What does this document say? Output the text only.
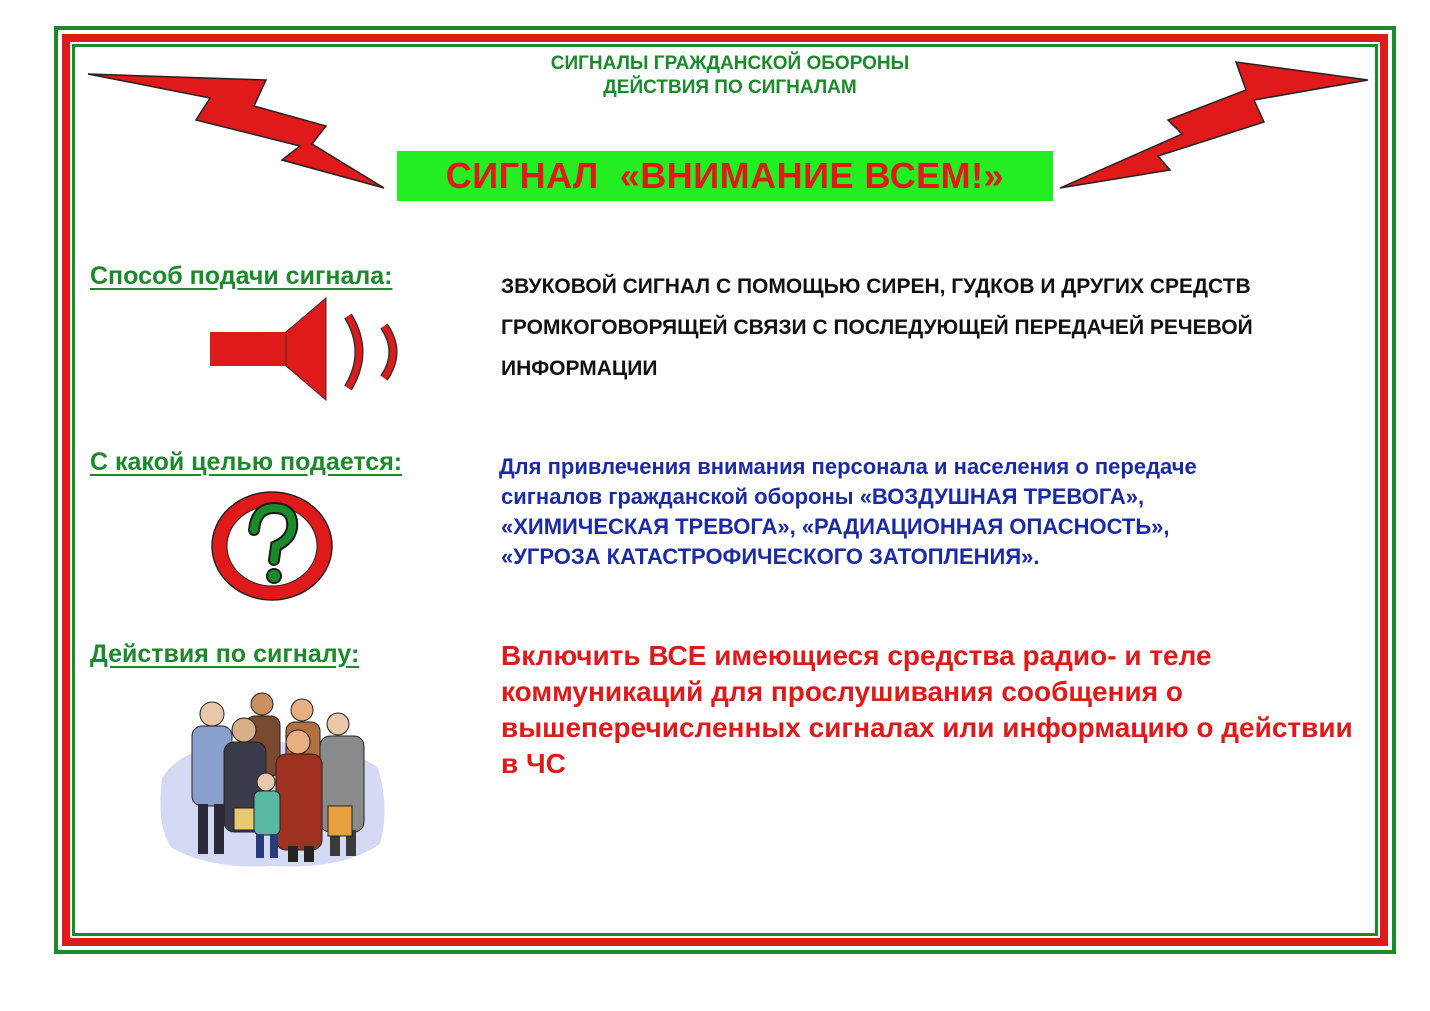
СИГНАЛЫ ГРАЖДАНСКОЙ ОБОРОНЫ
ДЕЙСТВИЯ ПО СИГНАЛАМ
СИГНАЛ  «ВНИМАНИЕ ВСЕМ!»
Способ подачи сигнала:	ЗВУКОВОЙ СИГНАЛ С ПОМОЩЬЮ СИРЕН, ГУДКОВ И ДРУГИХ СРЕДСТВ ГРОМКОГОВОРЯЩЕЙ СВЯЗИ С ПОСЛЕДУЮЩЕЙ ПЕРЕДАЧЕЙ РЕЧЕВОЙ ИНФОРМАЦИИ
С какой целью подается:	Для привлечения внимания персонала и населения о передаче
сигналов гражданской обороны «ВОЗДУШНАЯ ТРЕВОГА»,
«ХИМИЧЕСКАЯ ТРЕВОГА», «РАДИАЦИОННАЯ ОПАСНОСТЬ»,
«УГРОЗА КАТАСТРОФИЧЕСКОГО ЗАТОПЛЕНИЯ».
Действия по сигналу:	Включить ВСЕ имеющиеся средства радио- и теле коммуникаций для прослушивания сообщения о вышеперечисленных сигналах или информацию о действии в ЧС
